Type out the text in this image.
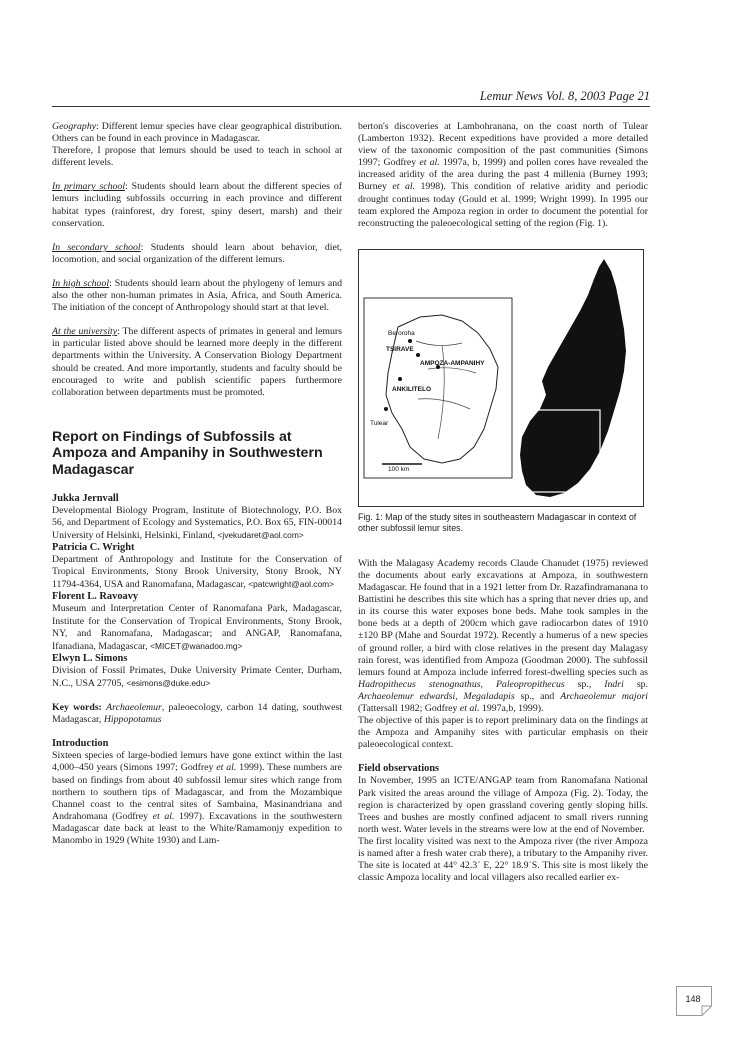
Lemur News Vol. 8, 2003 Page 21

Geography: Different lemur species have clear geographical distribution. Others can be found in each province in Madagascar.

Therefore, I propose that lemurs should be used to teach in school at different levels.

In primary school: Students should learn about the different species of lemurs including subfossils occurring in each province and different habitat types (rainforest, dry forest, spiny desert, marsh) and their conservation.

In secondary school: Students should learn about behavior, diet, locomotion, and social organization of the different lemurs.

In high school: Students should learn about the phylogeny of lemurs and also the other non-human primates in Asia, Africa, and South America. The initiation of the concept of Anthropology should start at that level.

At the university: The different aspects of primates in general and lemurs in particular listed above should be learned more deeply in the different departments within the University. A Conservation Biology Department should be created. And more importantly, students and faculty should be encouraged to write and publish scientific papers furthermore collaboration between departments must be promoted.

Report on Findings of Subfossils at Ampoza and Ampanihy in Southwestern Madagascar

Jukka Jernvall

Developmental Biology Program, Institute of Biotechnology, P.O. Box 56, and Department of Ecology and Systematics, P.O. Box 65, FIN-00014 University of Helsinki, Helsinki, Finland, <jvekudaret@aol.com>

Patricia C. Wright

Department of Anthropology and Institute for the Conservation of Tropical Environments, Stony Brook University, Stony Brook, NY 11794-4364, USA and Ranomafana, Madagascar, <patcwright@aol.com>

Florent L. Ravoavy

Museum and Interpretation Center of Ranomafana Park, Madagascar, Institute for the Conservation of Tropical Environments, Stony Brook, NY, and Ranomafana, Madagascar; and ANGAP, Ranomafana, Ifanadiana, Madagascar, <MICET@wanadoo.mg>

Elwyn L. Simons

Division of Fossil Primates, Duke University Primate Center, Durham, N.C., USA 27705, <esimons@duke.edu>

Key words: Archaeolemur, paleoecology, carbon 14 dating, southwest Madagascar, Hippopotamus

Introduction

Sixteen species of large-bodied lemurs have gone extinct within the last 4,000–450 years (Simons 1997; Godfrey et al. 1999). These numbers are based on findings from about 40 subfossil lemur sites which range from northern to southern tips of Madagascar, and from the Mozambique Channel coast to the central sites of Sambaina, Masinandriana and Andrahomana (Godfrey et al. 1997). Excavations in the southwestern Madagascar date back at least to the White/Ramamonjy expedition to Manombo in 1929 (White 1930) and Lam-

berton's discoveries at Lambohranana, on the coast north of Tulear (Lamberton 1932). Recent expeditions have provided a more detailed view of the taxonomic composition of the past communities (Simons 1997; Godfrey et al. 1997a, b, 1999) and pollen cores have revealed the increased aridity of the area during the past 4 millenia (Burney 1993; Burney et al. 1998). This condition of relative aridity and periodic drought continues today (Gould et al. 1999; Wright 1999). In 1995 our team explored the Ampoza region in order to document the potential for reconstructing the paleoecological setting of the region (Fig. 1).

Beroroha
TSIRAVE
AMPOZA-AMPANIHY
ANKILITELO
Tulear
100 km

Fig. 1: Map of the study sites in southeastern Madagascar in context of other subfossil lemur sites.

With the Malagasy Academy records Claude Chanudet (1975) reviewed the documents about early excavations at Ampoza, in southwestern Madagascar. He found that in a 1921 letter from Dr. Razafindramanana to Battistini he describes this site which has a spring that never dries up, and in its course this water exposes bone beds. Mahe took samples in the bone beds at a depth of 200cm which gave radiocarbon dates of 1910 ±120 BP (Mahe and Sourdat 1972). Recently a humerus of a new species of ground roller, a bird with close relatives in the present day Malagasy rain forest, was identified from Ampoza (Goodman 2000). The subfossil lemurs found at Ampoza include inferred forest-dwelling species such as Hadropithecus stenognathus, Paleopropithecus sp., Indri sp. Archaeolemur edwardsi, Megaladapis sp., and Archaeolemur majori (Tattersall 1982; Godfrey et al. 1997a,b, 1999).

The objective of this paper is to report preliminary data on the findings at the Ampoza and Ampanihy sites with particular emphasis on their paleoecological context.

Field observations

In November, 1995 an ICTE/ANGAP team from Ranomafana National Park visited the areas around the village of Ampoza (Fig. 2). Today, the region is characterized by open grassland covering gently sloping hills. Trees and bushes are mostly confined adjacent to small rivers running north west. Water levels in the streams were low at the end of November.

The first locality visited was next to the Ampoza river (the river Ampoza is named after a fresh water crab there), a tributary to the Ampanihy river. The site is located at 44° 42.3´ E, 22° 18.9´S. This site is most likely the classic Ampoza locality and local villagers also recalled earlier ex-

148
